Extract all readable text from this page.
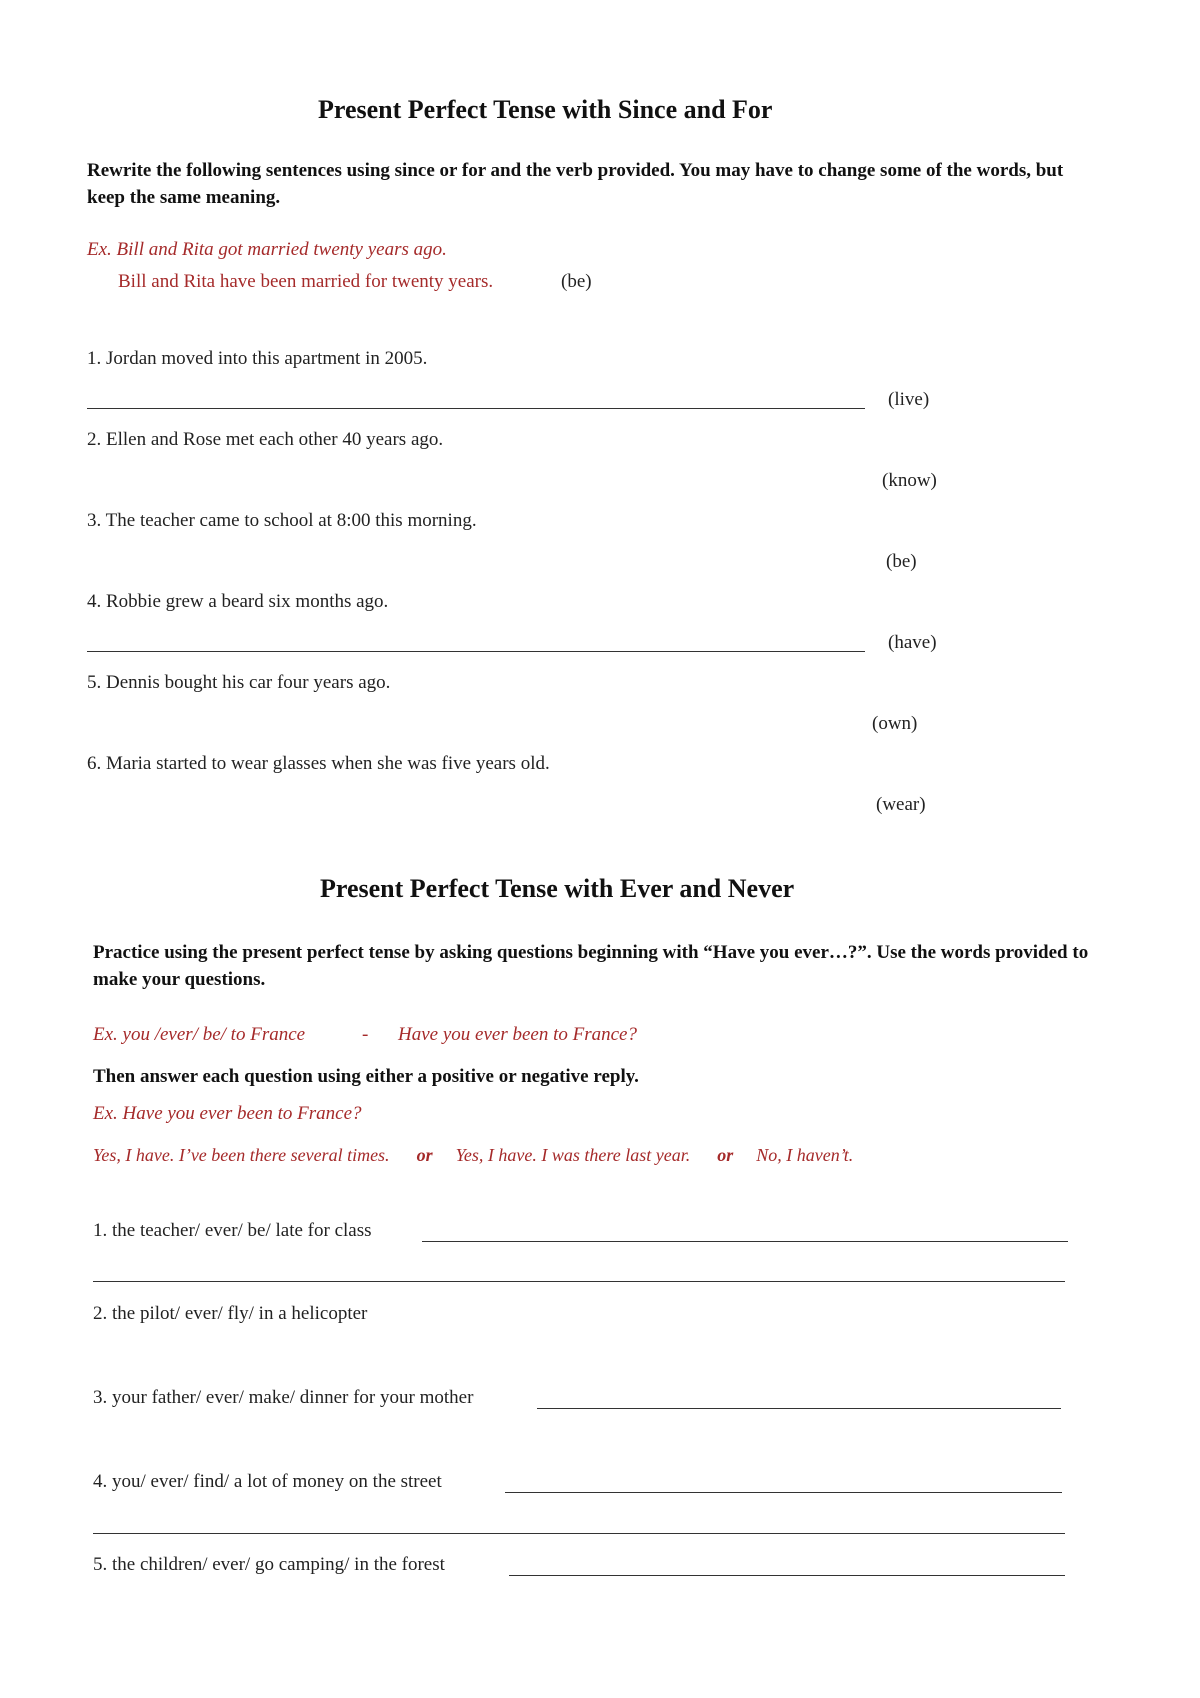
Present Perfect Tense with Since and For
Rewrite the following sentences using since or for and the verb provided. You may have to change some of the words, but keep the same meaning.
Ex. Bill and Rita got married twenty years ago.
Bill and Rita have been married for twenty years.	(be)
1. Jordan moved into this apartment in 2005.
(live)
2. Ellen and Rose met each other 40 years ago.
(know)
3. The teacher came to school at 8:00 this morning.
(be)
4. Robbie grew a beard six months ago.
(have)
5. Dennis bought his car four years ago.
(own)
6. Maria started to wear glasses when she was five years old.
(wear)
Present Perfect Tense with Ever and Never
Practice using the present perfect tense by asking questions beginning with “Have you ever…?”. Use the words provided to make your questions.
Ex. you /ever/ be/ to France	- Have you ever been to France?
Then answer each question using either a positive or negative reply.
Ex. Have you ever been to France?
Yes, I have. I’ve been there several times. or Yes, I have. I was there last year. or No, I haven’t.
1. the teacher/ ever/ be/ late for class
2. the pilot/ ever/ fly/ in a helicopter
3. your father/ ever/ make/ dinner for your mother
4. you/ ever/ find/ a lot of money on the street
5. the children/ ever/ go camping/ in the forest
